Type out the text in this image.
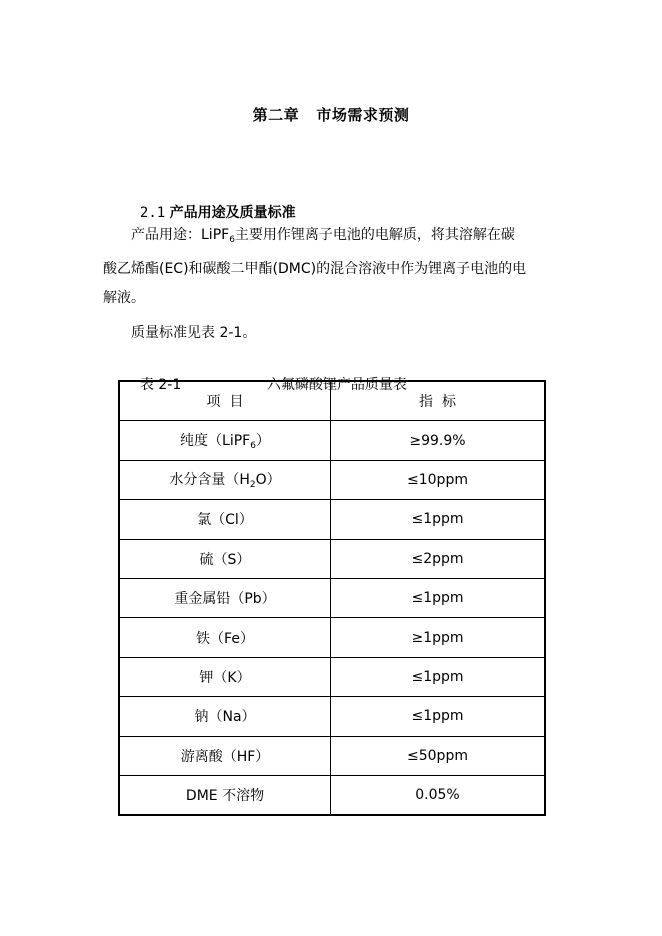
第二章   市场需求预测

2.1 产品用途及质量标准

产品用途：LiPF$_6$主要用作锂离子电池的电解质，将其溶解在碳
酸乙烯酯(EC)和碳酸二甲酯(DMC)的混合溶液中作为锂离子电池的电
解液。
质量标准见表 2-1。

表 2-1	六氟磷酸锂产品质量表

项  目	指  标
纯度（LiPF$_6$）	≥99.9%
水分含量$(H_2O)$	≤10ppm
氯（Cl）	≤1ppm
硫（S）	≤2ppm
重金属铅（Pb）	≤1ppm
铁（Fe）	≥1ppm
钾（K）	≤1ppm
钠（Na）	≤1ppm
游离酸（HF）	≤50ppm
DME 不溶物	0.05%
